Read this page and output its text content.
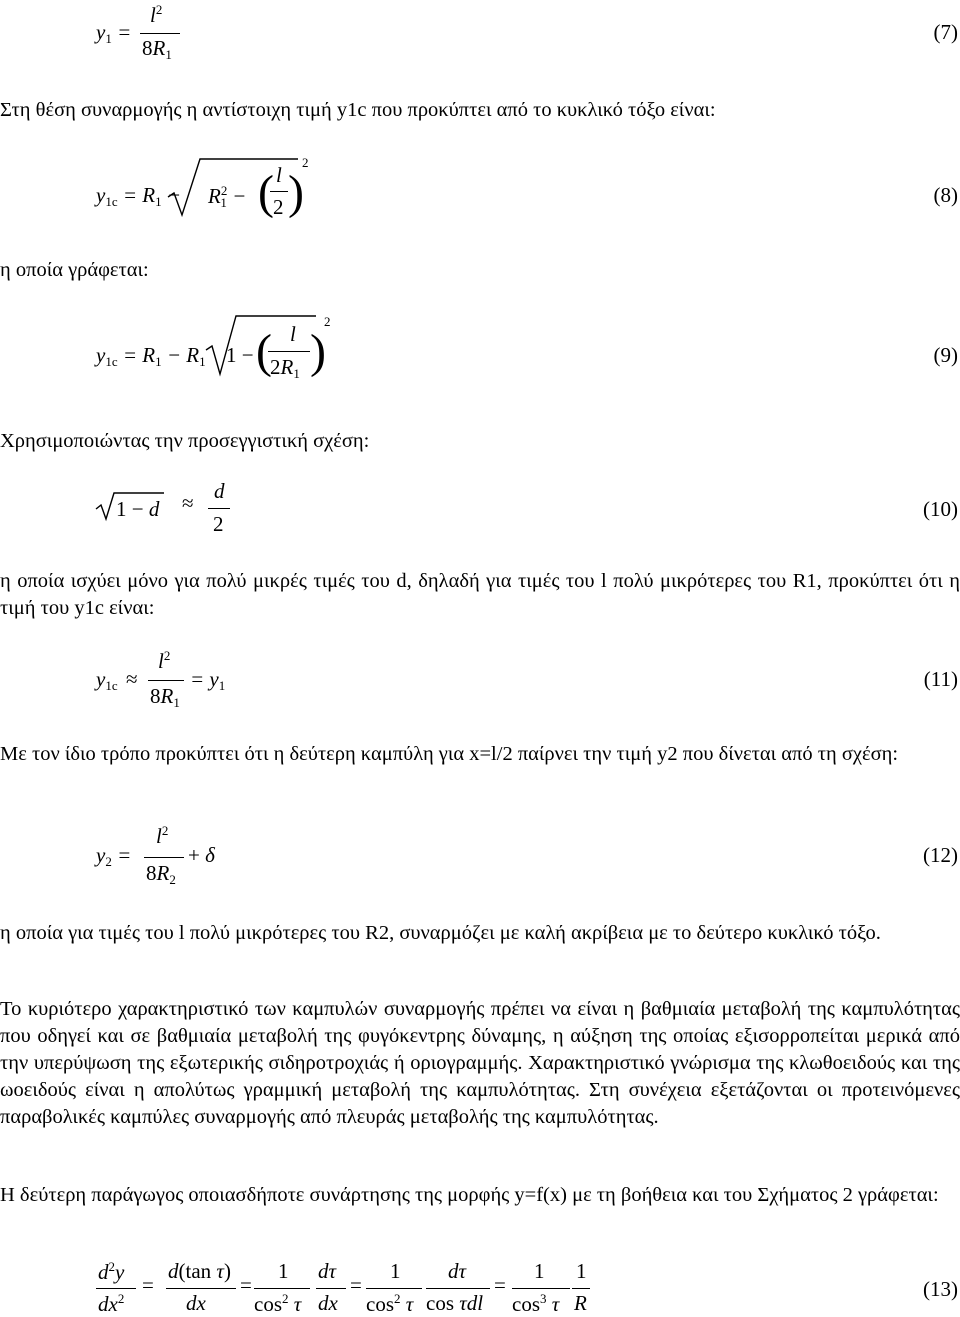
$y_1$ =
$l^2$
$8R_1$
(7)

Στη θέση συναρμογής η αντίστοιχη τιμή y1c που προκύπτει από το κυκλικό τόξο είναι:

$y_{1c} = R_1 - R^2_1$ − ( l
2 )
2
(8)

η οποία γράφεται:

$y_{1c} = R_1 - R_1$ 1 − ( l
$2R_1$ )
2
(9)

Χρησιμοποιώντας την προσεγγιστική σχέση:

1 − d ≈ d
2
(10)

η οποία ισχύει μόνο για πολύ μικρές τιμές του d, δηλαδή για τιμές του l πολύ μικρότερες του R1, προκύπτει ότι η τιμή του y1c είναι:

$y_{1c}$ ≈
$l^2$
$8R_1$
= $y_1$	(11)

Με τον ίδιο τρόπο προκύπτει ότι η δεύτερη καμπύλη για x=l/2 παίρνει την τιμή y2 που δίνεται από τη σχέση:

$y_2$ =
$l^2$
$8R_2$
+ δ	(12)

η οποία για τιμές του l πολύ μικρότερες του R2, συναρμόζει με καλή ακρίβεια με το δεύτερο κυκλικό τόξο.

Το κυριότερο χαρακτηριστικό των καμπυλών συναρμογής πρέπει να είναι η βαθμιαία μεταβολή της καμπυλότητας που οδηγεί και σε βαθμιαία μεταβολή της φυγόκεντρης δύναμης, η αύξηση της οποίας εξισορροπείται μερικά από την υπερύψωση της εξωτερικής σιδηροτροχιάς ή οριογραμμής. Χαρακτηριστικό γνώρισμα της κλωθοειδούς και της ωοειδούς είναι η απολύτως γραμμική μεταβολή της καμπυλότητας. Στη συνέχεια εξετάζονται οι προτεινόμενες παραβολικές καμπύλες συναρμογής από πλευράς μεταβολής της καμπυλότητας.

Η δεύτερη παράγωγος οποιασδήποτε συνάρτησης της μορφής y=f(x) με τη βοήθεια και του Σχήματος 2 γράφεται:

$d^2y$
$dx^2$
=
d(tan τ)
dx
=
1
$\cos^2 \tau$
dτ
dx
=
1
$\cos^2 \tau$
dτ
cos τdl
=
1
$\cos^3 \tau$
1
R
(13)
